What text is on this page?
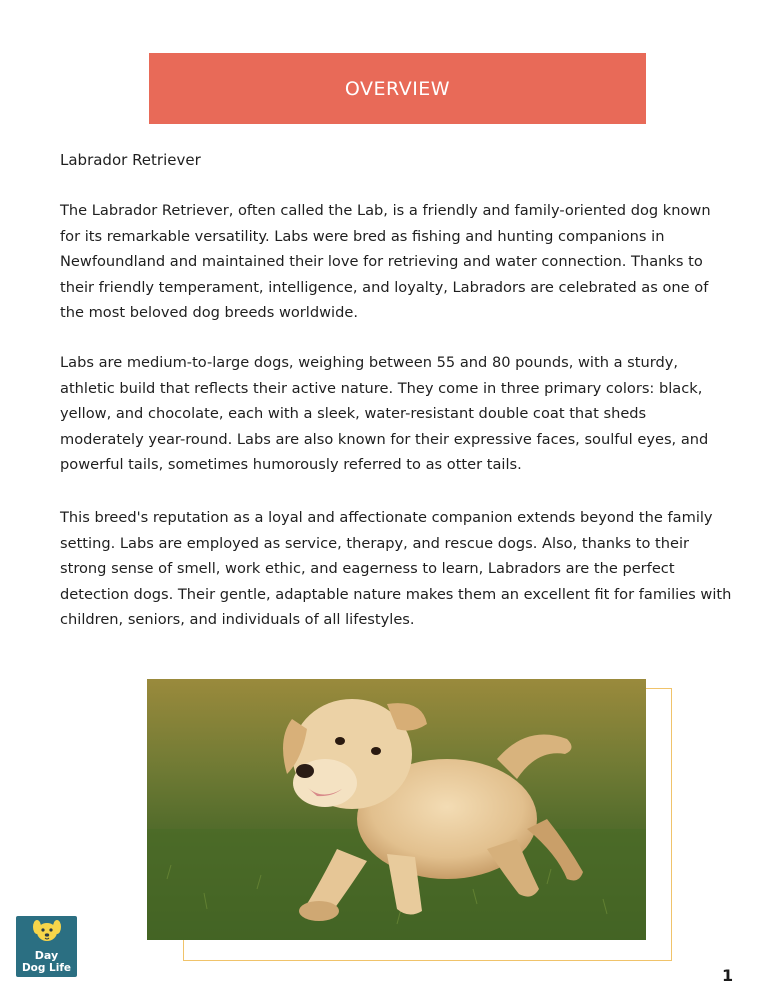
OVERVIEW
Labrador Retriever

The Labrador Retriever, often called the Lab, is a friendly and family-oriented dog known for its remarkable versatility. Labs were bred as fishing and hunting companions in Newfoundland and maintained their love for retrieving and water connection. Thanks to their friendly temperament, intelligence, and loyalty, Labradors are celebrated as one of the most beloved dog breeds worldwide.

Labs are medium-to-large dogs, weighing between 55 and 80 pounds, with a sturdy, athletic build that reflects their active nature. They come in three primary colors: black, yellow, and chocolate, each with a sleek, water-resistant double coat that sheds moderately year-round. Labs are also known for their expressive faces, soulful eyes, and powerful tails, sometimes humorously referred to as otter tails.

This breed's reputation as a loyal and affectionate companion extends beyond the family setting. Labs are employed as service, therapy, and rescue dogs. Also, thanks to their strong sense of smell, work ethic, and eagerness to learn, Labradors are the perfect detection dogs. Their gentle, adaptable nature makes them an excellent fit for families with children, seniors, and individuals of all lifestyles.

Day
Dog Life	1
